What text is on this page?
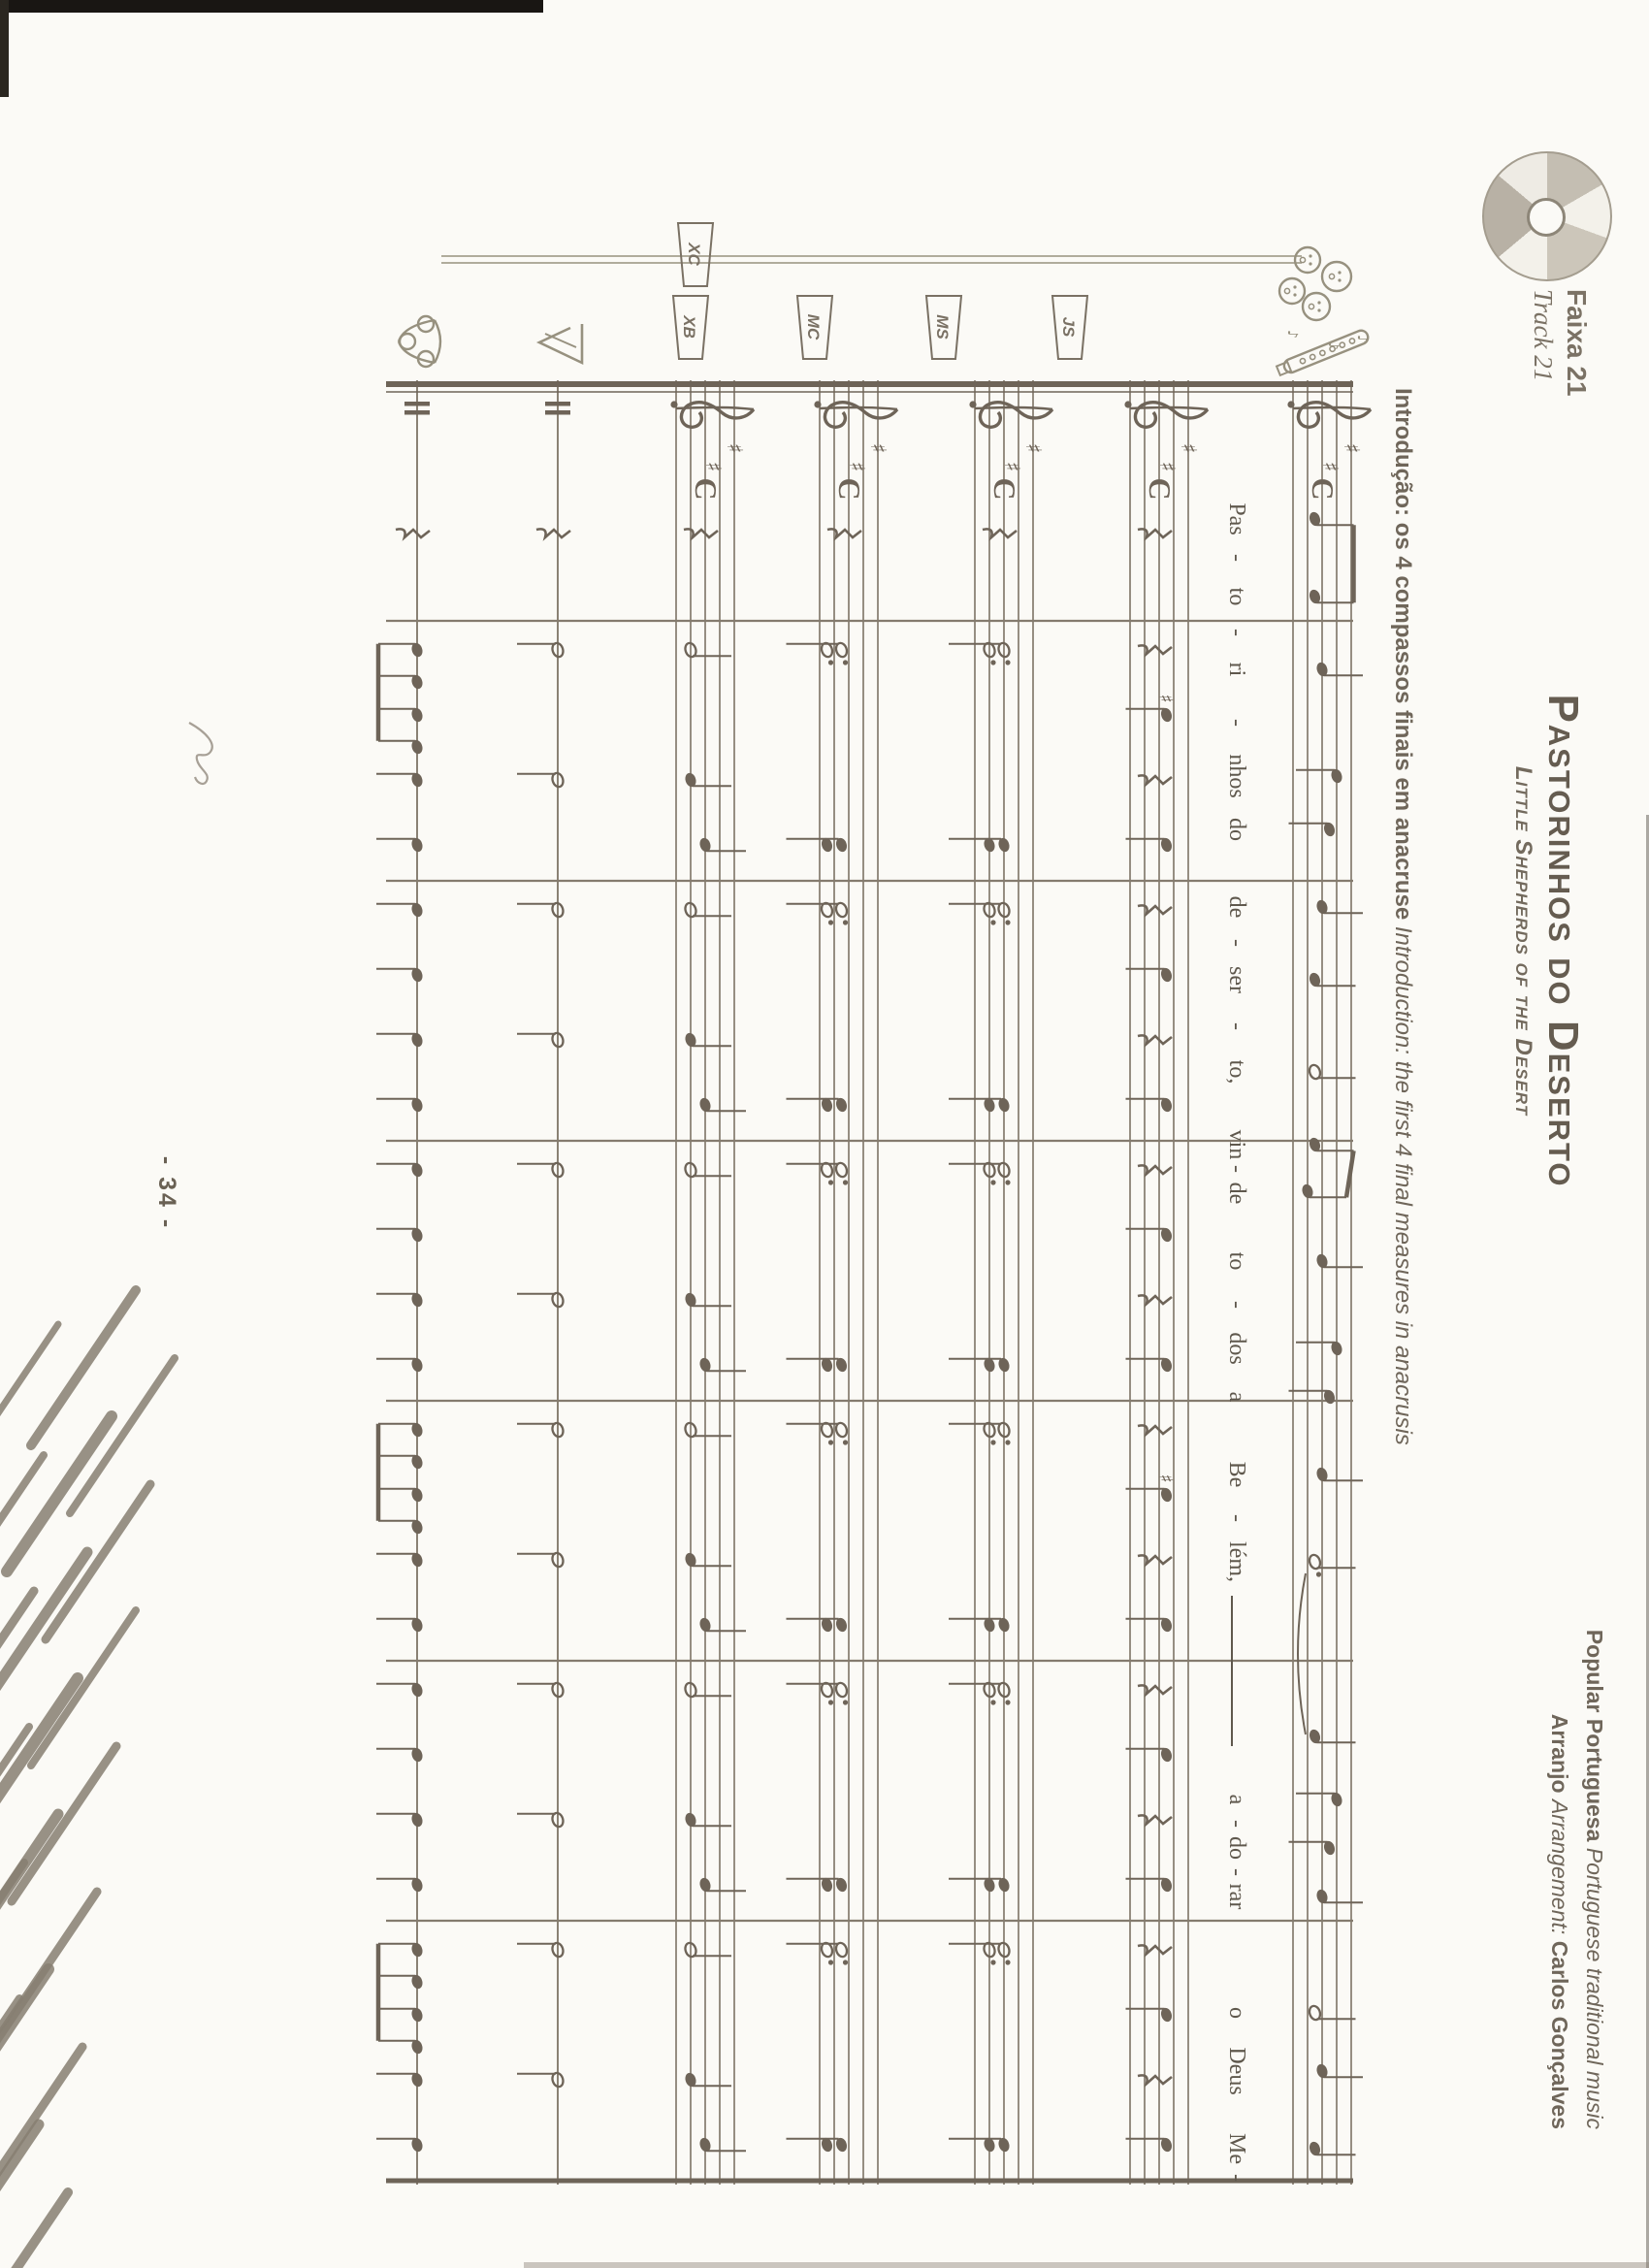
Faixa 21
Track 21
Pastorinhos do Deserto
Little Shepherds of the Desert
Popular Portuguesa Portuguese traditional music
Arranjo Arrangement: Carlos Gonçalves
Introdução: os 4 compassos finais em anacruse Introduction: the first 4 final measures in anacrusis
♯
♯
C
♯
♯
C
♯
♯
C
♯
♯
C
♯
♯
C
♯
♯
Pas
-
to
-
ri
-
nhos
do
de
-
ser
-
to,
vin
-
de
to
-
dos
a
Be
-
lém,
a
-
do
-
rar
o
Deus
Me
-
XC
XB	MC	MS	JS
♪
♪
♪
- 34 -
